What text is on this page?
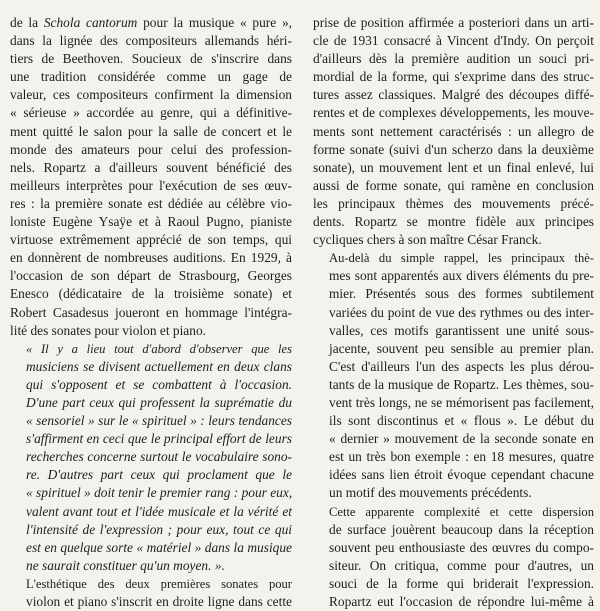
de la Schola cantorum pour la musique « pure »,
dans la lignée des compositeurs allemands héri-
tiers de Beethoven. Soucieux de s'inscrire dans
une tradition considérée comme un gage de
valeur, ces compositeurs confirment la dimension
« sérieuse » accordée au genre, qui a définitive-
ment quitté le salon pour la salle de concert et le
monde des amateurs pour celui des profession-
nels. Ropartz a d'ailleurs souvent bénéficié des
meilleurs interprètes pour l'exécution de ses œuv-
res : la première sonate est dédiée au célèbre vio-
loniste Eugène Ysaÿe et à Raoul Pugno, pianiste
virtuose extrêmement apprécié de son temps, qui
en donnèrent de nombreuses auditions. En 1929, à
l'occasion de son départ de Strasbourg, Georges
Enesco (dédicataire de la troisième sonate) et
Robert Casadesus joueront en hommage l'intégra-
lité des sonates pour violon et piano.

« Il y a lieu tout d'abord d'observer que les
musiciens se divisent actuellement en deux clans
qui s'opposent et se combattent à l'occasion.
D'une part ceux qui professent la suprématie du
« sensoriel » sur le « spirituel » : leurs tendances
s'affirment en ceci que le principal effort de leurs
recherches concerne surtout le vocabulaire sono-
re. D'autres part ceux qui proclament que le
« spirituel » doit tenir le premier rang : pour eux,
valent avant tout et l'idée musicale et la vérité et
l'intensité de l'expression ; pour eux, tout ce qui
est en quelque sorte « matériel » dans la musique
ne saurait constituer qu'un moyen. ».

L'esthétique des deux premières sonates pour
violon et piano s'inscrit en droite ligne dans cette

prise de position affirmée a posteriori dans un arti-
cle de 1931 consacré à Vincent d'Indy. On perçoit
d'ailleurs dès la première audition un souci pri-
mordial de la forme, qui s'exprime dans des struc-
tures assez classiques. Malgré des découpes diffé-
rentes et de complexes développements, les mouve-
ments sont nettement caractérisés : un allegro de
forme sonate (suivi d'un scherzo dans la deuxième
sonate), un mouvement lent et un final enlevé, lui
aussi de forme sonate, qui ramène en conclusion
les principaux thèmes des mouvements précé-
dents. Ropartz se montre fidèle aux principes
cycliques chers à son maître César Franck.

Au-delà du simple rappel, les principaux thè-
mes sont apparentés aux divers éléments du pre-
mier. Présentés sous des formes subtilement
variées du point de vue des rythmes ou des inter-
valles, ces motifs garantissent une unité sous-
jacente, souvent peu sensible au premier plan.
C'est d'ailleurs l'un des aspects les plus dérou-
tants de la musique de Ropartz. Les thèmes, sou-
vent très longs, ne se mémorisent pas facilement,
ils sont discontinus et « flous ». Le début du
« dernier » mouvement de la seconde sonate en
est un très bon exemple : en 18 mesures, quatre
idées sans lien étroit évoque cependant chacune
un motif des mouvements précédents.

Cette apparente complexité et cette dispersion
de surface jouèrent beaucoup dans la réception
souvent peu enthousiaste des œuvres du compo-
siteur. On critiqua, comme pour d'autres, un
souci de la forme qui briderait l'expression.
Ropartz eut l'occasion de répondre lui-même à
